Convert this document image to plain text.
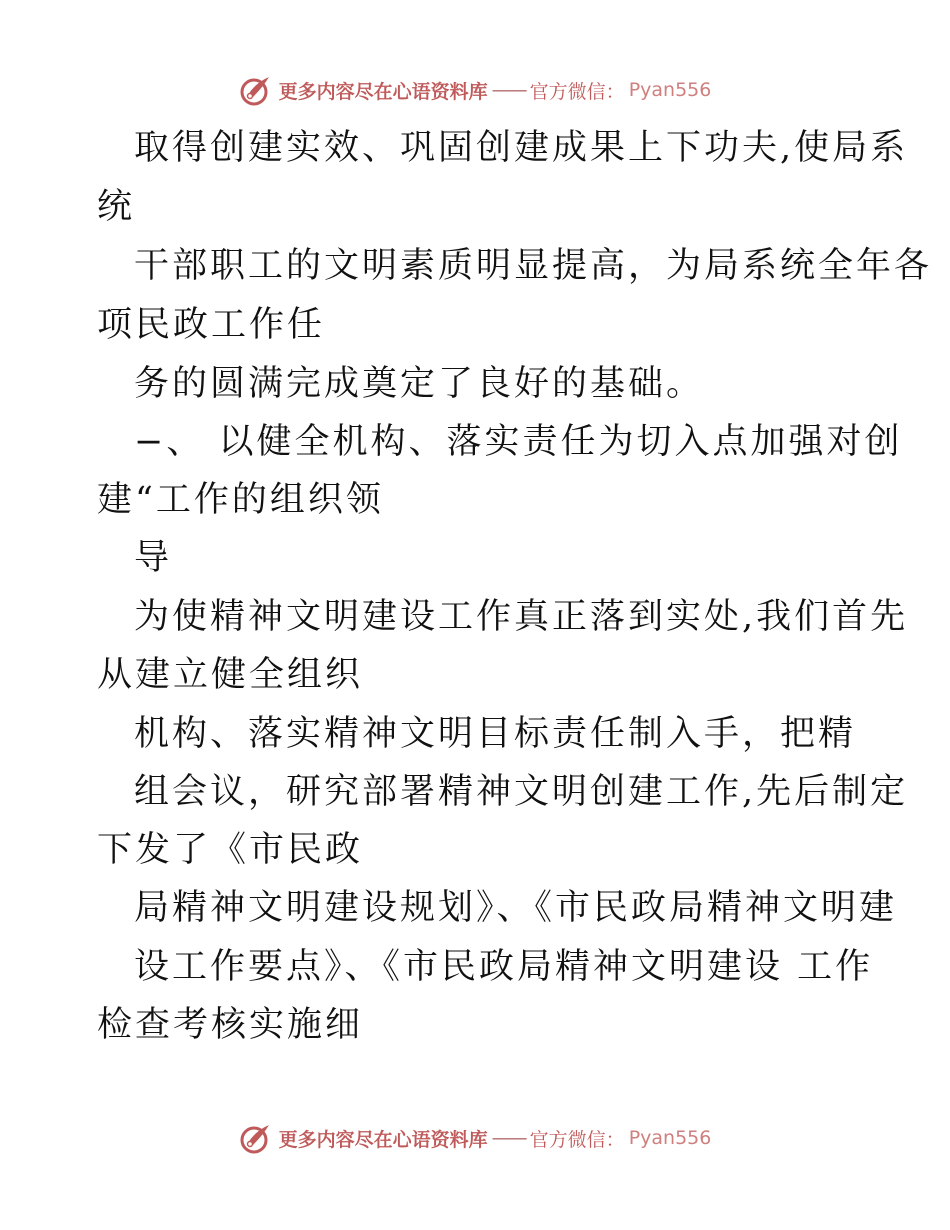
更多内容尽在心语资料库 —— 官方微信： Pyan556
取得创建实效、巩固创建成果上下功夫,使局系
统
干部职工的文明素质明显提高，为局系统全年各
项民政工作任
务的圆满完成奠定了良好的基础。
−、 以健全机构、落实责任为切入点加强对创
建“工作的组织领
导
为使精神文明建设工作真正落到实处,我们首先
从建立健全组织
机构、落实精神文明目标责任制入手，把精
组会议，研究部署精神文明创建工作,先后制定
下发了《市民政
局精神文明建设规划》、《市民政局精神文明建
设工作要点》、《市民政局精神文明建设 工作
检查考核实施细
更多内容尽在心语资料库 —— 官方微信： Pyan556
